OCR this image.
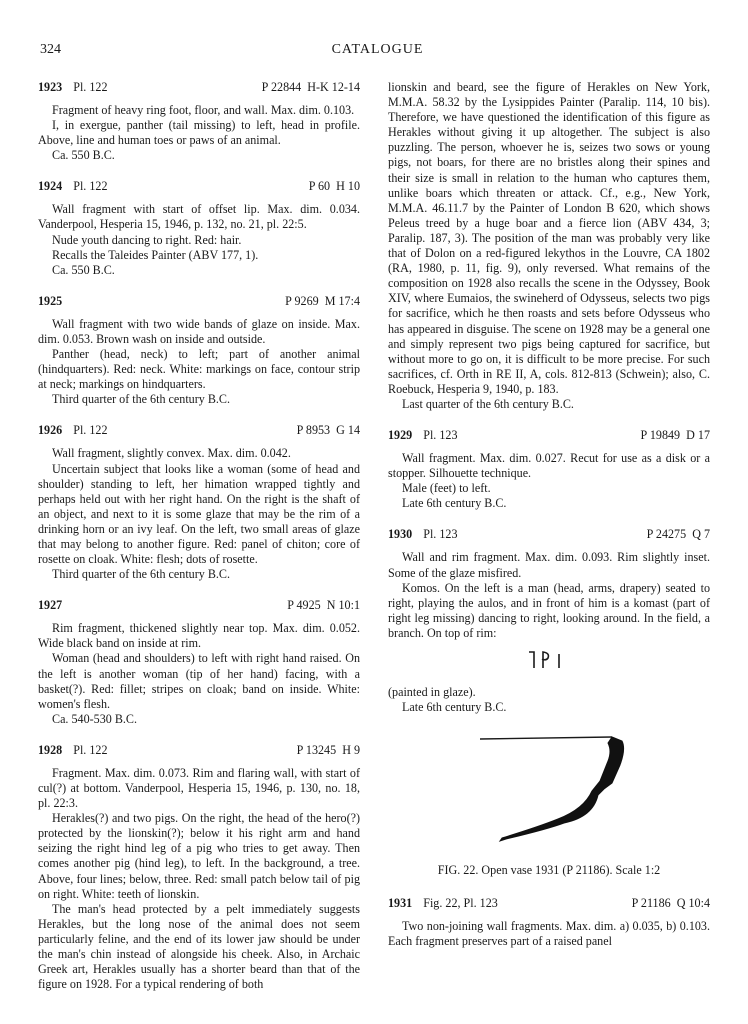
324	CATALOGUE
1923 Pl. 122	P 22844 H-K 12-14

Fragment of heavy ring foot, floor, and wall. Max. dim. 0.103.

I, in exergue, panther (tail missing) to left, head in profile. Above, line and human toes or paws of an animal.

Ca. 550 B.C.

1924 Pl. 122	P 60 H 10

Wall fragment with start of offset lip. Max. dim. 0.034. Vanderpool, Hesperia 15, 1946, p. 132, no. 21, pl. 22:5.

Nude youth dancing to right. Red: hair.

Recalls the Taleides Painter (ABV 177, 1).

Ca. 550 B.C.

1925	P 9269 M 17:4

Wall fragment with two wide bands of glaze on inside. Max. dim. 0.053. Brown wash on inside and outside.

Panther (head, neck) to left; part of another animal (hindquarters). Red: neck. White: markings on face, contour strip at neck; markings on hindquarters.

Third quarter of the 6th century B.C.

1926 Pl. 122	P 8953 G 14

Wall fragment, slightly convex. Max. dim. 0.042.

Uncertain subject that looks like a woman (some of head and shoulder) standing to left, her himation wrapped tightly and perhaps held out with her right hand. On the right is the shaft of an object, and next to it is some glaze that may be the rim of a drinking horn or an ivy leaf. On the left, two small areas of glaze that may belong to another figure. Red: panel of chiton; core of rosette on cloak. White: flesh; dots of rosette.

Third quarter of the 6th century B.C.

1927	P 4925 N 10:1

Rim fragment, thickened slightly near top. Max. dim. 0.052. Wide black band on inside at rim.

Woman (head and shoulders) to left with right hand raised. On the left is another woman (tip of her hand) facing, with a basket(?). Red: fillet; stripes on cloak; band on inside. White: women's flesh.

Ca. 540-530 B.C.

1928 Pl. 122	P 13245 H 9

Fragment. Max. dim. 0.073. Rim and flaring wall, with start of cul(?) at bottom. Vanderpool, Hesperia 15, 1946, p. 130, no. 18, pl. 22:3.

Herakles(?) and two pigs. On the right, the head of the hero(?) protected by the lionskin(?); below it his right arm and hand seizing the right hind leg of a pig who tries to get away. Then comes another pig (hind leg), to left. In the background, a tree. Above, four lines; below, three. Red: small patch below tail of pig on right. White: teeth of lionskin.

The man's head protected by a pelt immediately suggests Herakles, but the long nose of the animal does not seem particularly feline, and the end of its lower jaw should be under the man's chin instead of alongside his cheek. Also, in Archaic Greek art, Herakles usually has a shorter beard than that of the figure on 1928. For a typical rendering of both

lionskin and beard, see the figure of Herakles on New York, M.M.A. 58.32 by the Lysippides Painter (Paralip. 114, 10 bis). Therefore, we have questioned the identification of this figure as Herakles without giving it up altogether. The subject is also puzzling. The person, whoever he is, seizes two sows or young pigs, not boars, for there are no bristles along their spines and their size is small in relation to the human who captures them, unlike boars which threaten or attack. Cf., e.g., New York, M.M.A. 46.11.7 by the Painter of London B 620, which shows Peleus treed by a huge boar and a fierce lion (ABV 434, 3; Paralip. 187, 3). The position of the man was probably very like that of Dolon on a red-figured lekythos in the Louvre, CA 1802 (RA, 1980, p. 11, fig. 9), only reversed. What remains of the composition on 1928 also recalls the scene in the Odyssey, Book XIV, where Eumaios, the swineherd of Odysseus, selects two pigs for sacrifice, which he then roasts and sets before Odysseus who has appeared in disguise. The scene on 1928 may be a general one and simply represent two pigs being captured for sacrifice, but without more to go on, it is difficult to be more precise. For such sacrifices, cf. Orth in RE II, A, cols. 812-813 (Schwein); also, C. Roebuck, Hesperia 9, 1940, p. 183.

Last quarter of the 6th century B.C.

1929 Pl. 123	P 19849 D 17

Wall fragment. Max. dim. 0.027. Recut for use as a disk or a stopper. Silhouette technique.

Male (feet) to left.

Late 6th century B.C.

1930 Pl. 123	P 24275 Q 7

Wall and rim fragment. Max. dim. 0.093. Rim slightly inset. Some of the glaze misfired.

Komos. On the left is a man (head, arms, drapery) seated to right, playing the aulos, and in front of him is a komast (part of right leg missing) dancing to right, looking around. In the field, a branch. On top of rim:

(painted in glaze).

Late 6th century B.C.

FIG. 22. Open vase 1931 (P 21186). Scale 1:2
1931 Fig. 22, Pl. 123	P 21186 Q 10:4

Two non-joining wall fragments. Max. dim. a) 0.035, b) 0.103. Each fragment preserves part of a raised panel
